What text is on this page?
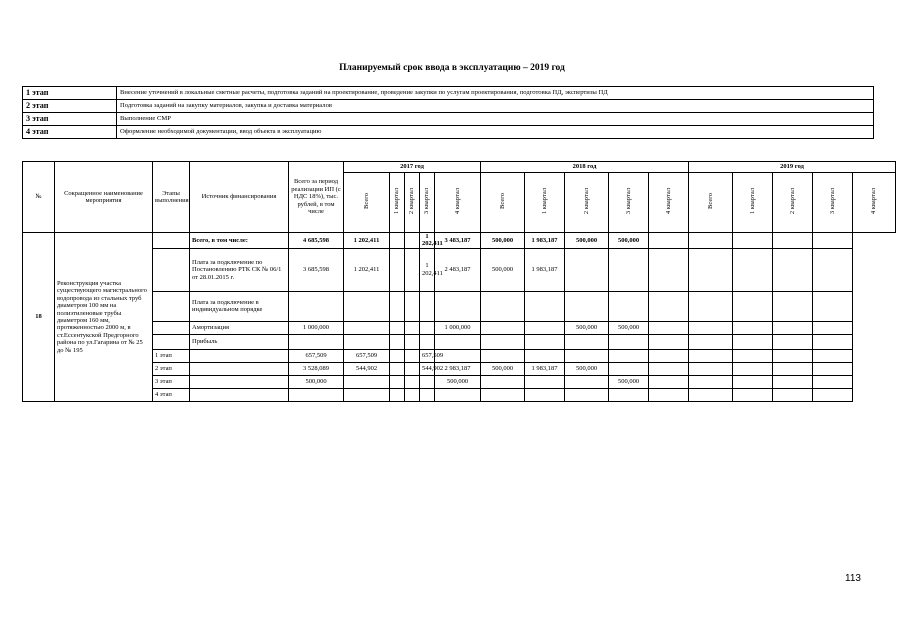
Планируемый срок ввода в эксплуатацию – 2019 год
1 этап	Внесение уточнений в локальные сметные расчеты, подготовка заданий на проектирование, проведение закупки по услугам проектирования, подготовка ПД, экспертизы ПД
2 этап	Подготовка заданий на закупку материалов, закупка и доставка материалов
3 этап	Выполнение СМР
4 этап	Оформление необходимой документации, ввод объекта в эксплуатацию
№	Сокращенное наименование мероприятия	Этапы выполнения	Источник финансирования	Всего за период реализации ИП (с НДС 18%), тыс. рублей, в том числе	2017 год					2018 год					2019 год				
					Всего	1 квартал	2 квартал	3 квартал	4 квартал	Всего	1 квартал	2 квартал	3 квартал	4 квартал	Всего	1 квартал	2 квартал	3 квартал	4 квартал
18	Реконструкция участка существующего магистрального водопровода из стальных труб диаметром 100 мм на полиэтиленовые трубы диаметром 160 мм, протяженностью 2000 м, в ст.Ессентукской Предгорного района по ул.Гагарина от № 25 до № 195		Всего, в том числе:	4 685,598	1 202,411			1 202,411	3 483,187	500,000	1 983,187	500,000	500,000						
			Плата за подключение по Постановлению РТК СК № 06/1 от 28.01.2015 г.	3 685,598	1 202,411			1 202,411	2 483,187	500,000	1 983,187								
			Плата за подключение в индивидуальном порядке																
			Амортизация	1 000,000					1 000,000			500,000	500,000						
			Прибыль																
		1 этап		657,509	657,509			657,509											
		2 этап		3 528,089	544,902			544,902	2 983,187	500,000	1 983,187	500,000							
		3 этап		500,000					500,000				500,000						
		4 этап																	
113
